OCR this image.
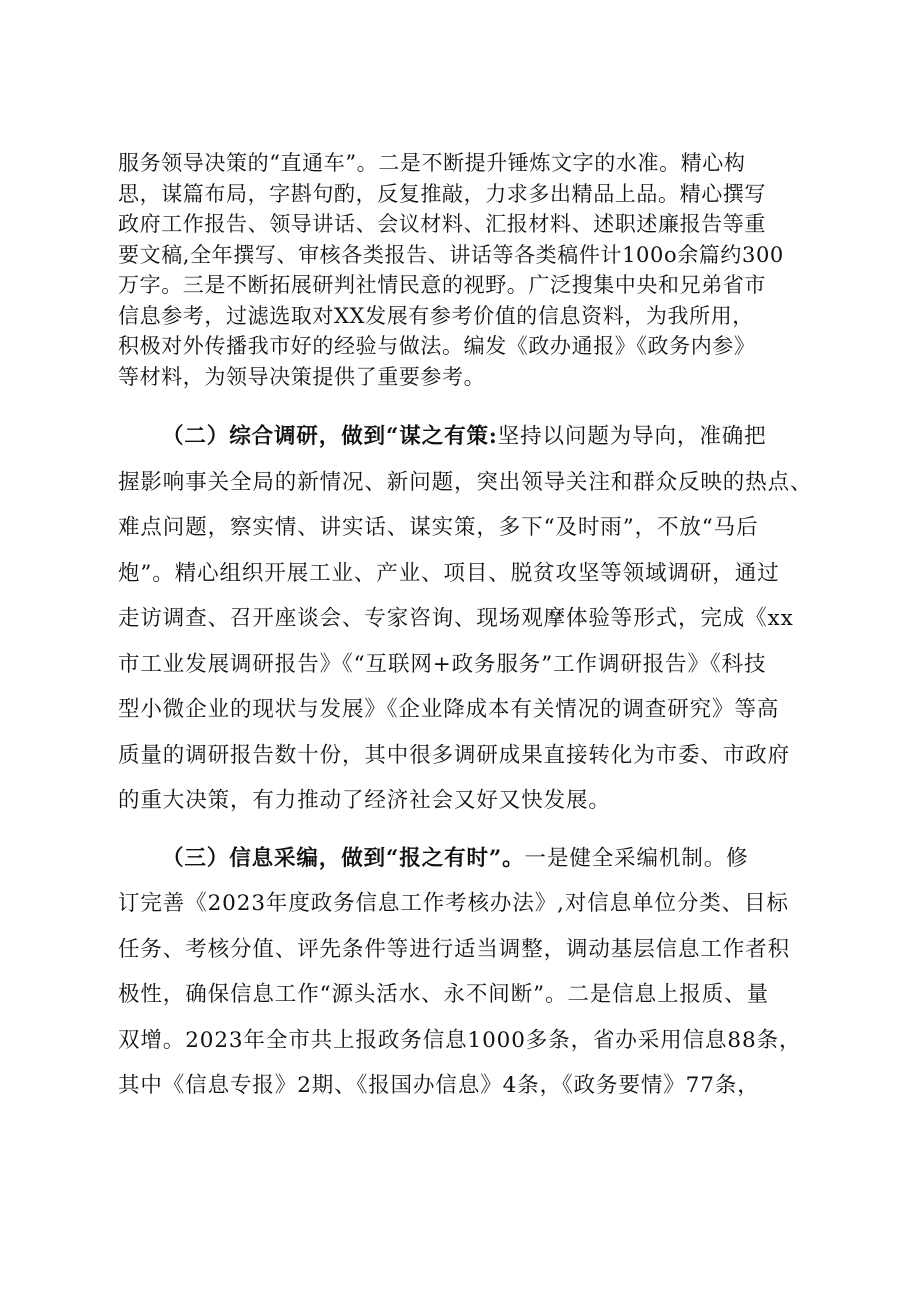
服务领导决策的“直通车”。二是不断提升锤炼文字的水准。精心构

思，谋篇布局，字斟句酌，反复推敲，力求多出精品上品。精心撰写

政府工作报告、领导讲话、会议材料、汇报材料、述职述廉报告等重

要文稿,全年撰写、审核各类报告、讲话等各类稿件计100o余篇约300

万字。三是不断拓展研判社情民意的视野。广泛搜集中央和兄弟省市

信息参考，过滤选取对XX发展有参考价值的信息资料，为我所用，

积极对外传播我市好的经验与做法。编发《政办通报》《政务内参》

等材料，为领导决策提供了重要参考。

（二）综合调研，做到“谋之有策:坚持以问题为导向，准确把

握影响事关全局的新情况、新问题，突出领导关注和群众反映的热点、

难点问题，察实情、讲实话、谋实策，多下“及时雨”，不放“马后

炮”。精心组织开展工业、产业、项目、脱贫攻坚等领域调研，通过

走访调查、召开座谈会、专家咨询、现场观摩体验等形式，完成《xx

市工业发展调研报告》《“互联网+政务服务”工作调研报告》《科技

型小微企业的现状与发展》《企业降成本有关情况的调查研究》等高

质量的调研报告数十份，其中很多调研成果直接转化为市委、市政府

的重大决策，有力推动了经济社会又好又快发展。

（三）信息采编，做到“报之有时”。一是健全采编机制。修

订完善《2023年度政务信息工作考核办法》,对信息单位分类、目标

任务、考核分值、评先条件等进行适当调整，调动基层信息工作者积

极性，确保信息工作“源头活水、永不间断”。二是信息上报质、量

双增。2023年全市共上报政务信息1000多条，省办采用信息88条，

其中《信息专报》2期、《报国办信息》4条，《政务要情》77条，
